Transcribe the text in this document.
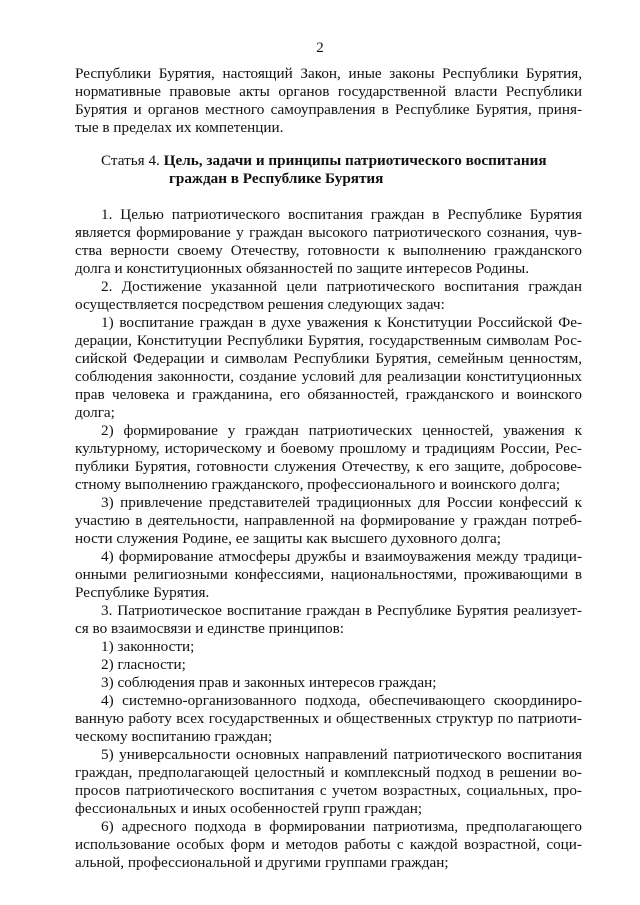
2
Республики Бурятия, настоящий Закон, иные законы Республики Бурятия,
нормативные правовые акты органов государственной власти Республики
Бурятия и органов местного самоуправления в Республике Бурятия, приня-
тые в пределах их компетенции.
Статья 4. Цель, задачи и принципы патриотического воспитания
граждан в Республике Бурятия
1. Целью патриотического воспитания граждан в Республике Бурятия
является формирование у граждан высокого патриотического сознания, чув-
ства верности своему Отечеству, готовности к выполнению гражданского
долга и конституционных обязанностей по защите интересов Родины.
2. Достижение указанной цели патриотического воспитания граждан
осуществляется посредством решения следующих задач:
1) воспитание граждан в духе уважения к Конституции Российской Фе-
дерации, Конституции Республики Бурятия, государственным символам Рос-
сийской Федерации и символам Республики Бурятия, семейным ценностям,
соблюдения законности, создание условий для реализации конституционных
прав человека и гражданина, его обязанностей, гражданского и воинского
долга;
2) формирование у граждан патриотических ценностей, уважения к
культурному, историческому и боевому прошлому и традициям России, Рес-
публики Бурятия, готовности служения Отечеству, к его защите, добросове-
стному выполнению гражданского, профессионального и воинского долга;
3) привлечение представителей традиционных для России конфессий к
участию в деятельности, направленной на формирование у граждан потреб-
ности служения Родине, ее защиты как высшего духовного долга;
4) формирование атмосферы дружбы и взаимоуважения между традици-
онными религиозными конфессиями, национальностями, проживающими в
Республике Бурятия.
3. Патриотическое воспитание граждан в Республике Бурятия реализует-
ся во взаимосвязи и единстве принципов:
1) законности;
2) гласности;
3) соблюдения прав и законных интересов граждан;
4) системно-организованного подхода, обеспечивающего скоординиро-
ванную работу всех государственных и общественных структур по патриоти-
ческому воспитанию граждан;
5) универсальности основных направлений патриотического воспитания
граждан, предполагающей целостный и комплексный подход в решении во-
просов патриотического воспитания с учетом возрастных, социальных, про-
фессиональных и иных особенностей групп граждан;
6) адресного подхода в формировании патриотизма, предполагающего
использование особых форм и методов работы с каждой возрастной, соци-
альной, профессиональной и другими группами граждан;
